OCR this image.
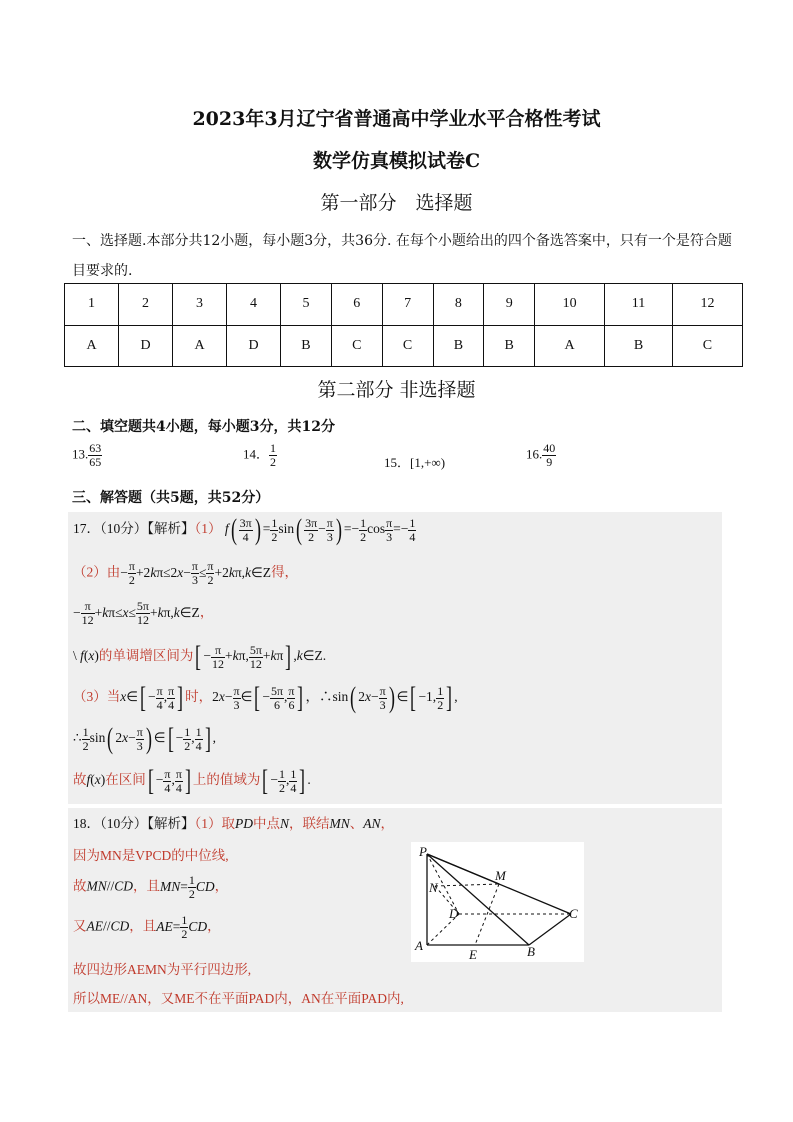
2023年3月辽宁省普通高中学业水平合格性考试
数学仿真模拟试卷C
第一部分　选择题
一、选择题.本部分共12小题，每小题3分，共36分. 在每个小题给出的四个备选答案中，只有一个是符合题目要求的.
1	2	3	4	5	6	7	8	9	10	11	12
A	D	A	D	B	C	C	B	B	A	B	C
第二部分 非选择题
二、填空题共4小题，每小题3分，共12分
13. $\frac{63}{65}$	14． $\frac{1}{2}$	15．[1,+∞)
16. $\frac{40}{9}$
三、解答题（共5题，共52分）
17．（10分）【解析】（1） $f( \frac{3\pi}{4}$ ) = $\frac{1}{2} \sin( \frac{3\pi}{2} - \frac{\pi}{3}$ ) =− $\frac{1}{2}$ $\cos \frac{\pi}{3} =- \frac{1}{4}$
（2）由− $\frac{\pi}{2} +2k\pi\le 2x- \frac{\pi}{3} \le \frac{\pi}{2}$ +2kπ,k∈Z得，
− $\frac{\pi}{12} +k\pi\le x\le \frac{5\pi}{12}$ +kπ,k∈Z，
\ f(x)的单调增区间为[ − $\frac{\pi}{12} +k\pi$, $\frac{5\pi}{12} +k\pi$] ,k∈Z.
（3）当x∈[ − $\frac{\pi}{4}$ , $\frac{\pi}{4}$ ] 时，$2x- \frac{\pi}{3}$ ∈[ − $\frac{5\pi}{6}$ , $\frac{\pi}{6}$ ] ，∴sin( $2x- \frac{\pi}{3}$ ) ∈[ −1, $\frac{1}{2}$ ] ,
∴ $\frac{1}{2} \sin$( $2x- \frac{\pi}{3}$ ) ∈[ − $\frac{1}{2}$ , $\frac{1}{4}$ ] ,
故f(x)在区间[ − $\frac{\pi}{4}$ , $\frac{\pi}{4}$ ] 上的值域为[ − $\frac{1}{2}$ , $\frac{1}{4}$ ] .
18．（10分）【解析】（1）取PD中点N，联结MN、AN，
因为MN是VPCD的中位线,
故MN//CD，且$MN= \frac{1}{2}$ CD，
又AE//CD，且$AE= \frac{1}{2}$ CD，
故四边形AEMN为平行四边形,
所以ME//AN，又ME不在平面PAD内，AN在平面PAD内,
P
M
N
D	C
A
E	B
